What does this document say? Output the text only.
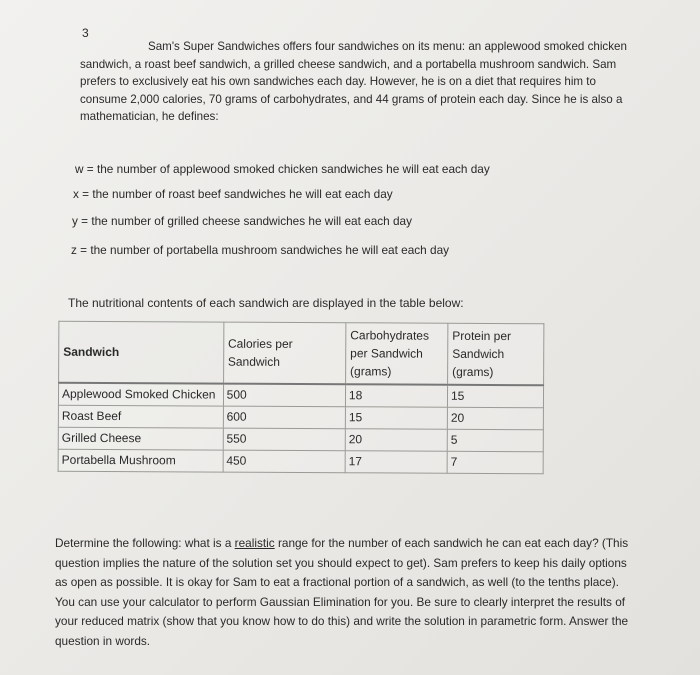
3
Sam's Super Sandwiches offers four sandwiches on its menu: an applewood smoked chicken sandwich, a roast beef sandwich, a grilled cheese sandwich, and a portabella mushroom sandwich. Sam prefers to exclusively eat his own sandwiches each day. However, he is on a diet that requires him to consume 2,000 calories, 70 grams of carbohydrates, and 44 grams of protein each day. Since he is also a mathematician, he defines:
w = the number of applewood smoked chicken sandwiches he will eat each day
x = the number of roast beef sandwiches he will eat each day
y = the number of grilled cheese sandwiches he will eat each day
z = the number of portabella mushroom sandwiches he will eat each day
The nutritional contents of each sandwich are displayed in the table below:
Sandwich	Calories per Sandwich	Carbohydrates per Sandwich (grams)	Protein per Sandwich (grams)
Applewood Smoked Chicken	500	18	15
Roast Beef	600	15	20
Grilled Cheese	550	20	5
Portabella Mushroom	450	17	7
Determine the following: what is a realistic range for the number of each sandwich he can eat each day? (This question implies the nature of the solution set you should expect to get). Sam prefers to keep his daily options as open as possible. It is okay for Sam to eat a fractional portion of a sandwich, as well (to the tenths place). You can use your calculator to perform Gaussian Elimination for you. Be sure to clearly interpret the results of your reduced matrix (show that you know how to do this) and write the solution in parametric form. Answer the question in words.
